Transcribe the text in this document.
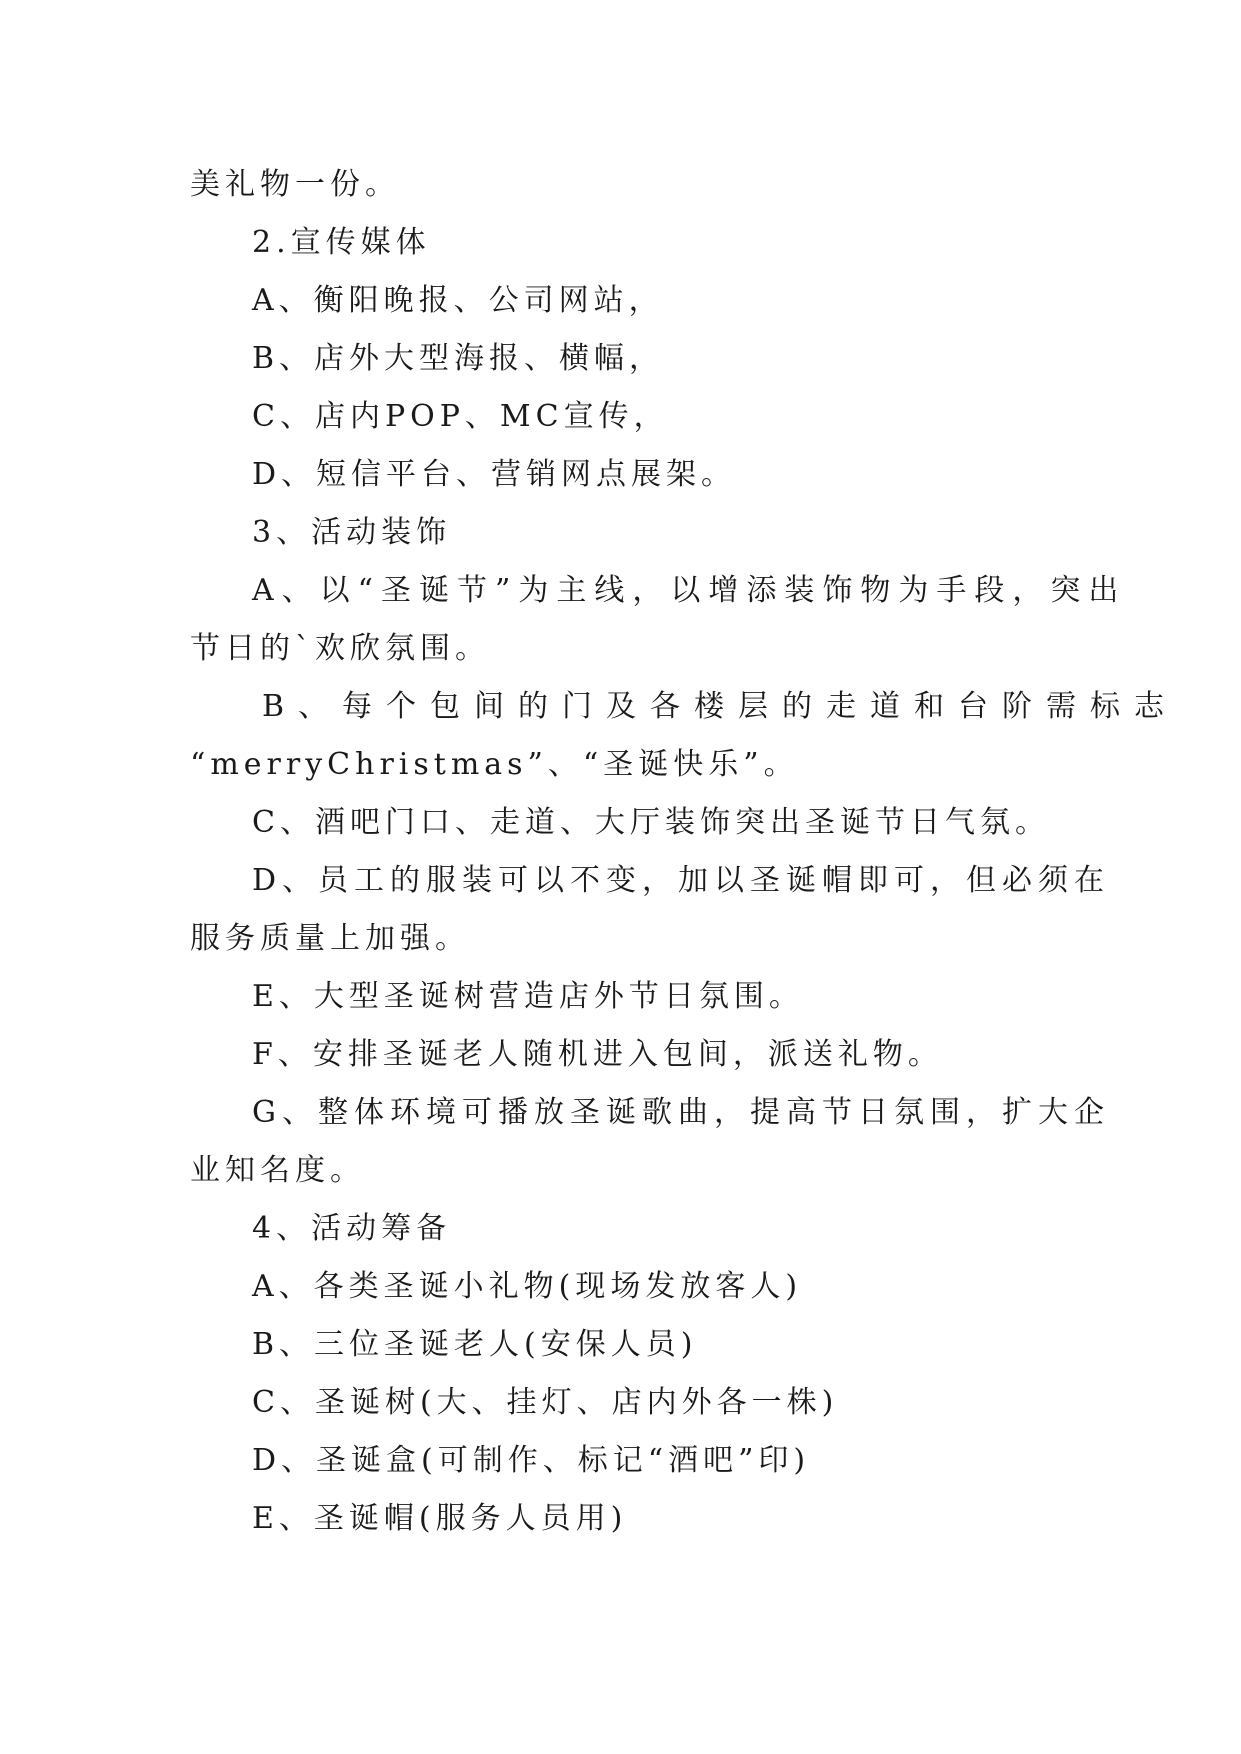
美礼物一份。
2.宣传媒体
A、衡阳晚报、公司网站，
B、店外大型海报、横幅，
C、店内POP、MC宣传，
D、短信平台、营销网点展架。
3、活动装饰
A、以“圣诞节”为主线，以增添装饰物为手段，突出
节日的`欢欣氛围。
B、每个包间的门及各楼层的走道和台阶需标志
“merryChristmas”、“圣诞快乐”。
C、酒吧门口、走道、大厅装饰突出圣诞节日气氛。
D、员工的服装可以不变，加以圣诞帽即可，但必须在
服务质量上加强。
E、大型圣诞树营造店外节日氛围。
F、安排圣诞老人随机进入包间，派送礼物。
G、整体环境可播放圣诞歌曲，提高节日氛围，扩大企
业知名度。
4、活动筹备
A、各类圣诞小礼物(现场发放客人)
B、三位圣诞老人(安保人员)
C、圣诞树(大、挂灯、店内外各一株)
D、圣诞盒(可制作、标记“酒吧”印)
E、圣诞帽(服务人员用)
